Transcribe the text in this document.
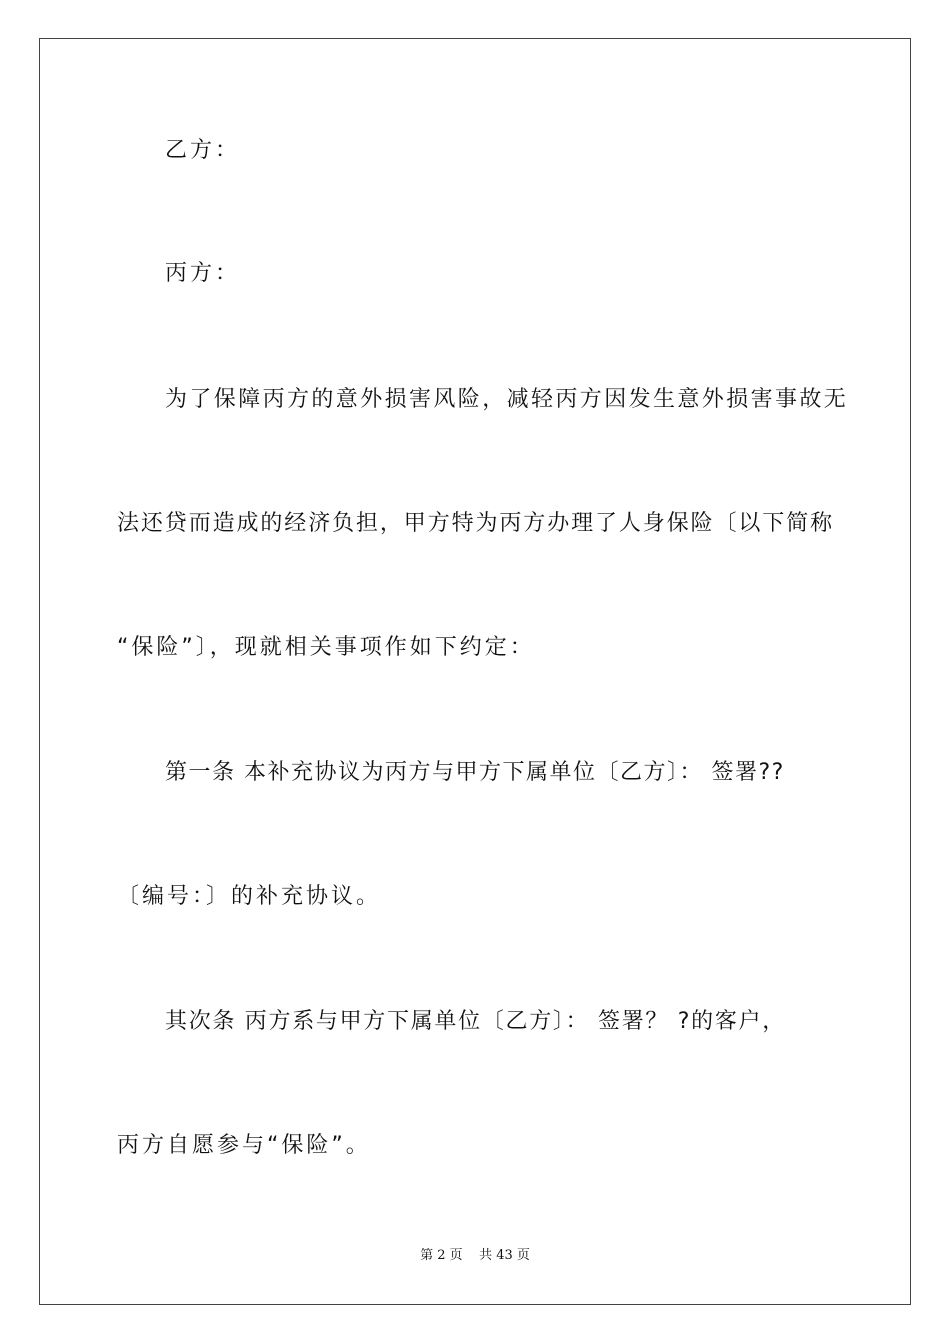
乙方：
丙方：
为了保障丙方的意外损害风险，减轻丙方因发生意外损害事故无
法还贷而造成的经济负担，甲方特为丙方办理了人身保险〔以下简称
“保险”〕，现就相关事项作如下约定：
第一条 本补充协议为丙方与甲方下属单位〔乙方〕： 签署??
〔编号：〕的补充协议。
其次条 丙方系与甲方下属单位〔乙方〕： 签署？ ?的客户，
丙方自愿参与“保险”。
第 2 页    共 43 页
